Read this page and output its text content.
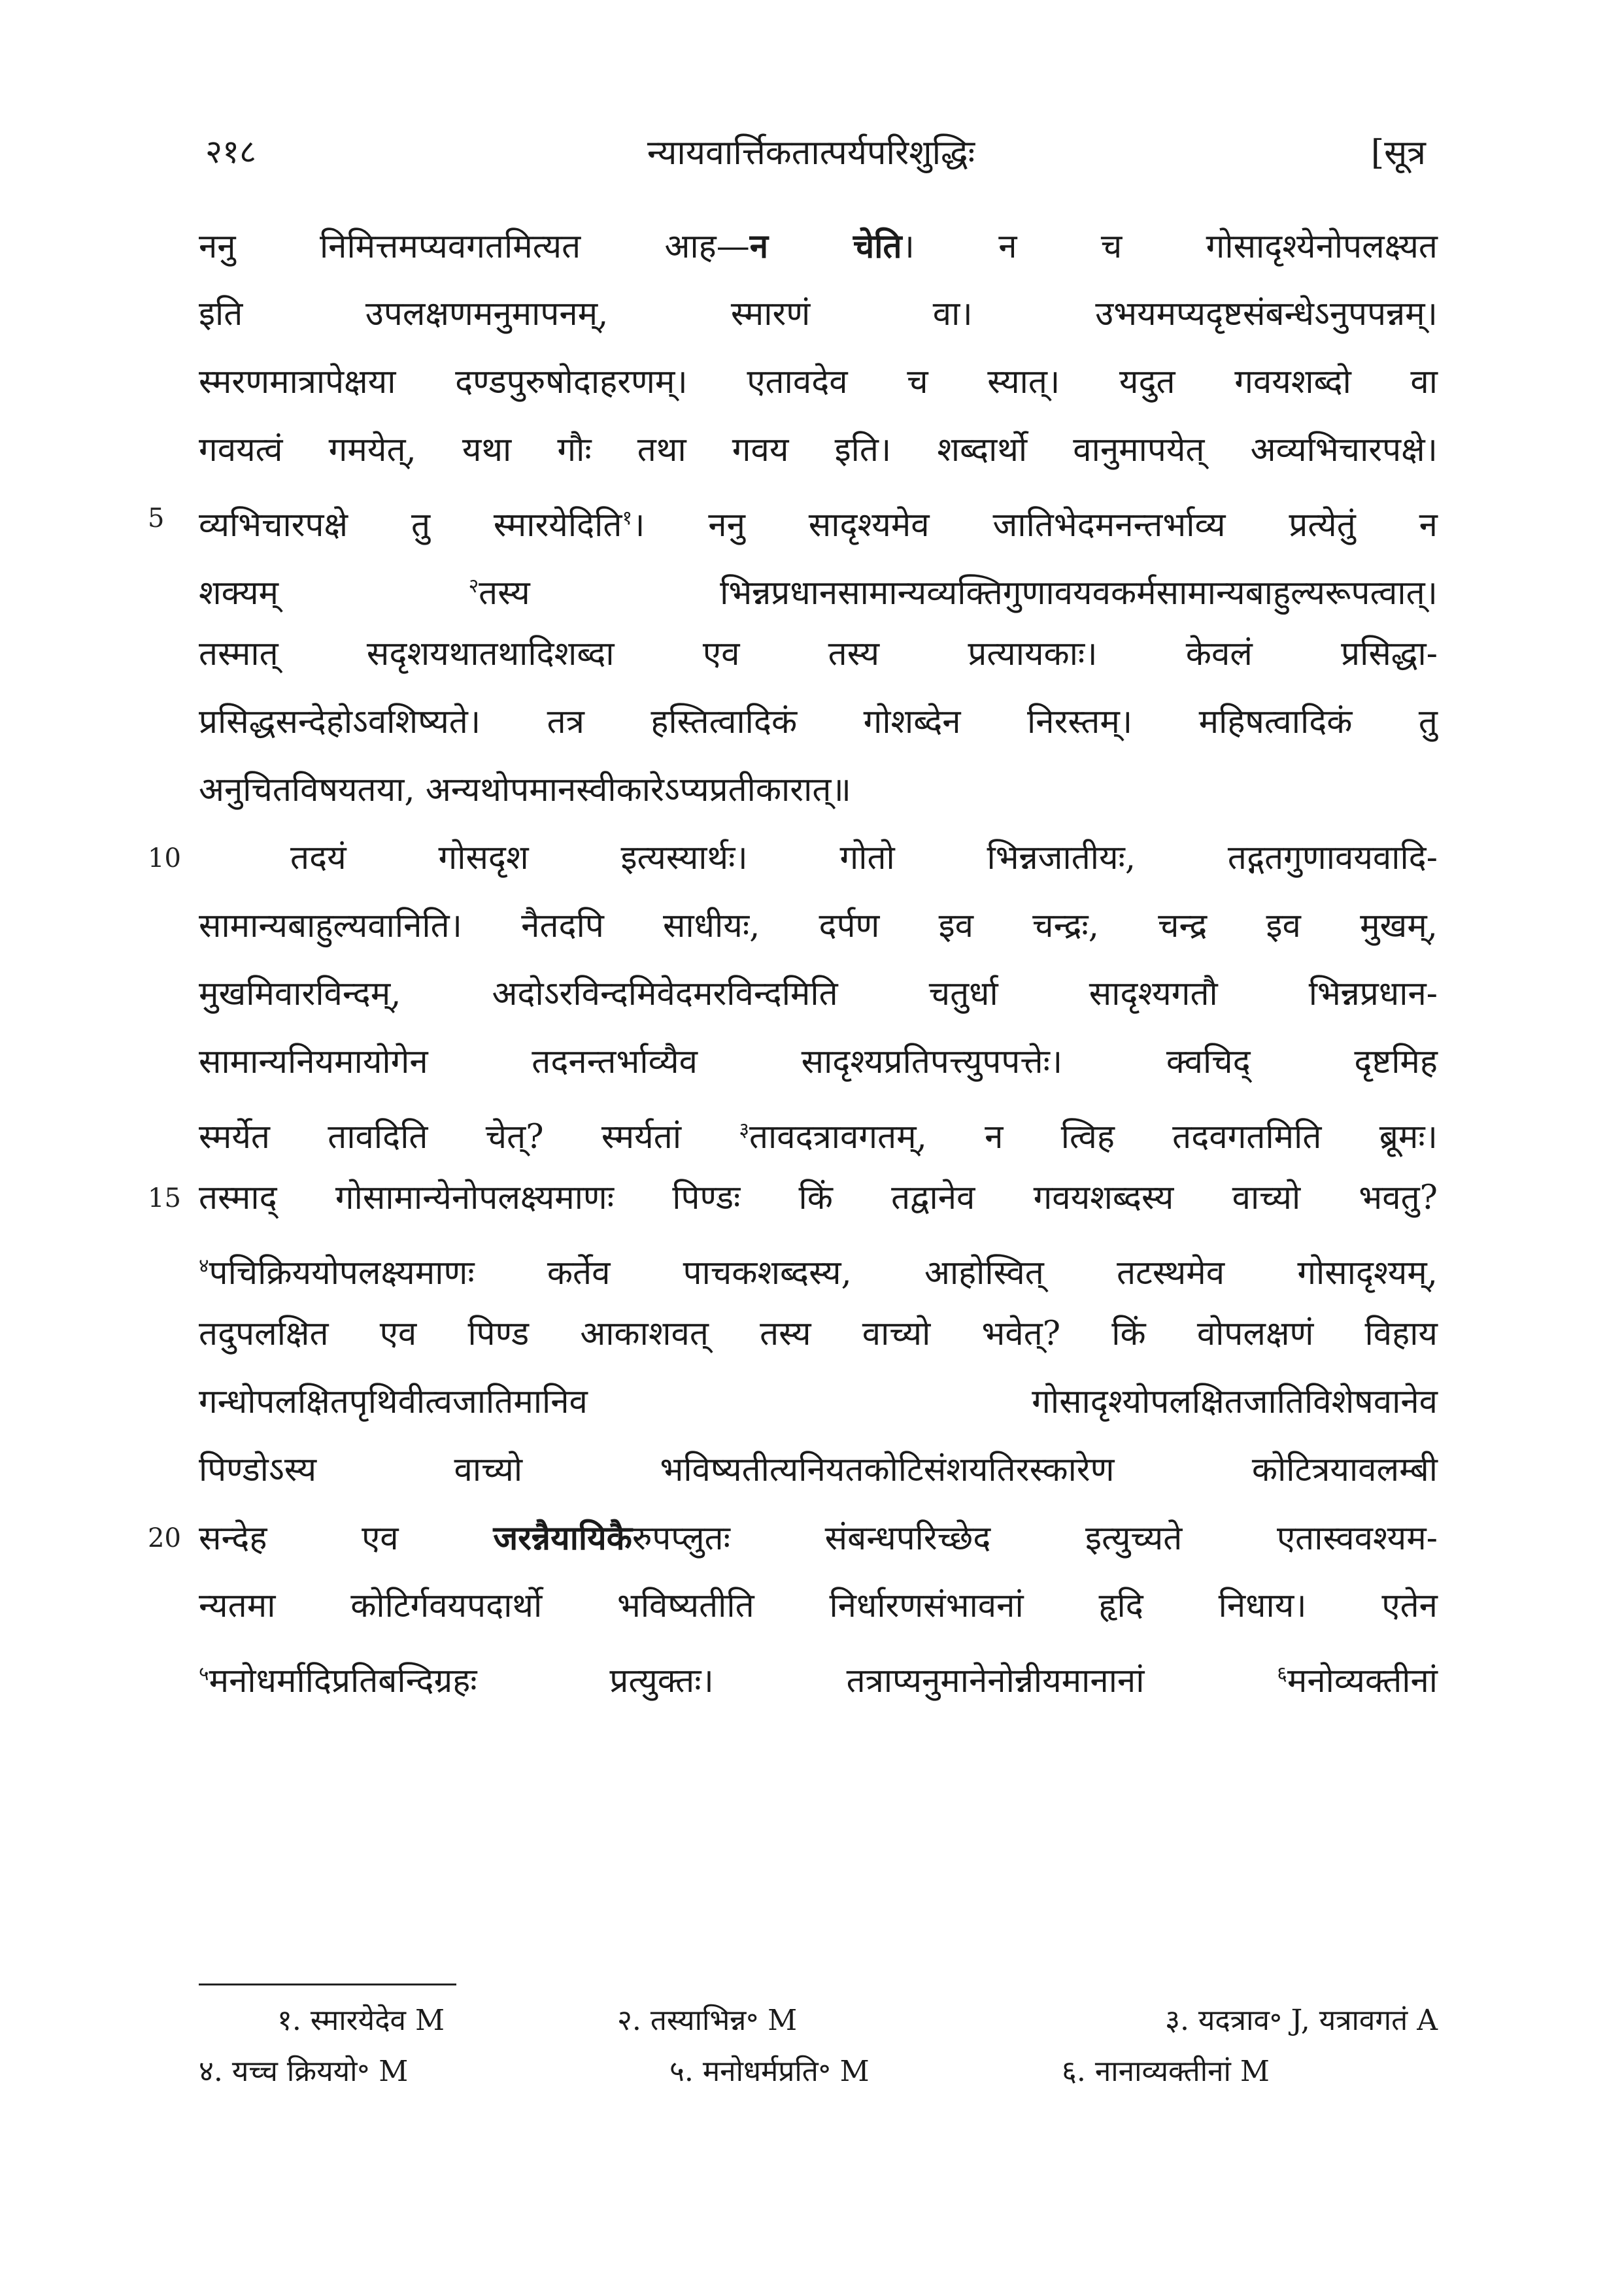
२१८	न्यायवार्त्तिकतात्पर्यपरिशुद्धिः	[सूत्र
ननु निमित्तमप्यवगतमित्यत आह—न चेति। न च गोसादृश्येनोपलक्ष्यत
इति उपलक्षणमनुमापनम्, स्मारणं वा। उभयमप्यदृष्टसंबन्धेऽनुपपन्नम्।
स्मरणमात्रापेक्षया दण्डपुरुषोदाहरणम्। एतावदेव च स्यात्। यदुत गवयशब्दो वा
गवयत्वं गमयेत्, यथा गौः तथा गवय इति। शब्दार्थो वानुमापयेत् अव्यभिचारपक्षे।
5	व्यभिचारपक्षे तु स्मारयेदिति$^१$। ननु सादृश्यमेव जातिभेदमनन्तर्भाव्य प्रत्येतुं न
शक्यम् $^२$तस्य भिन्नप्रधानसामान्यव्यक्तिगुणावयवकर्मसामान्यबाहुल्यरूपत्वात्।
तस्मात् सदृशयथातथादिशब्दा एव तस्य प्रत्यायकाः। केवलं प्रसिद्धा-
प्रसिद्धसन्देहोऽवशिष्यते। तत्र हस्तित्वादिकं गोशब्देन निरस्तम्। महिषत्वादिकं तु
अनुचितविषयतया, अन्यथोपमानस्वीकारेऽप्यप्रतीकारात्॥
10	तदयं गोसदृश इत्यस्यार्थः। गोतो भिन्नजातीयः, तद्गतगुणावयवादि-
सामान्यबाहुल्यवानिति। नैतदपि साधीयः, दर्पण इव चन्द्रः, चन्द्र इव मुखम्,
मुखमिवारविन्दम्, अदोऽरविन्दमिवेदमरविन्दमिति चतुर्धा सादृश्यगतौ भिन्नप्रधान-
सामान्यनियमायोगेन तदनन्तर्भाव्यैव सादृश्यप्रतिपत्त्युपपत्तेः। क्वचिद् दृष्टमिह
स्मर्येत तावदिति चेत्? स्मर्यतां $^३$तावदत्रावगतम्, न त्विह तदवगतमिति ब्रूमः।
15 तस्माद् गोसामान्येनोपलक्ष्यमाणः पिण्डः किं तद्वानेव गवयशब्दस्य वाच्यो भवतु?
$^४$पचिक्रिययोपलक्ष्यमाणः कर्तेव पाचकशब्दस्य, आहोस्वित् तटस्थमेव गोसादृश्यम्,
तदुपलक्षित एव पिण्ड आकाशवत् तस्य वाच्यो भवेत्? किं वोपलक्षणं विहाय
गन्धोपलक्षितपृथिवीत्वजातिमानिव गोसादृश्योपलक्षितजातिविशेषवानेव
पिण्डोऽस्य वाच्यो भविष्यतीत्यनियतकोटिसंशयतिरस्कारेण कोटित्रयावलम्बी
20 सन्देह एव जरन्नैयायिकैरुपप्लुतः संबन्धपरिच्छेद इत्युच्यते एतास्ववश्यम-
न्यतमा कोटिर्गवयपदार्थो भविष्यतीति निर्धारणसंभावनां हृदि निधाय। एतेन
$^५$मनोधर्मादिप्रतिबन्दिग्रहः प्रत्युक्तः। तत्राप्यनुमानेनोन्नीयमानानां $^६$मनोव्यक्तीनां
१. स्मारयेदेव M	२. तस्याभिन्न॰ M	३. यदत्राव॰ J, यत्रावगतं A
४. यच्च क्रिययो॰ M	५. मनोधर्मप्रति॰ M	६. नानाव्यक्तीनां M
